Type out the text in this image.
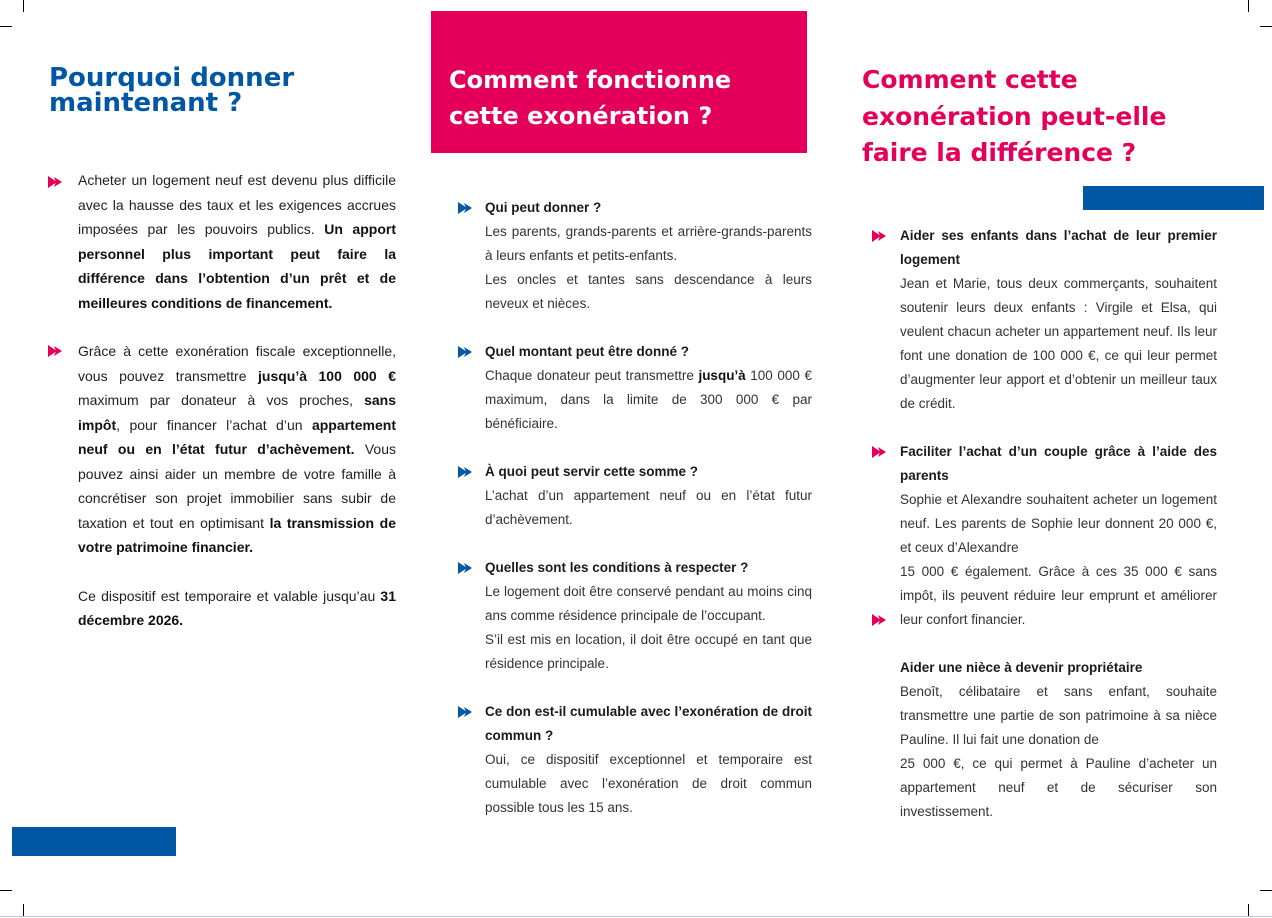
Pourquoi donner
maintenant ?

Acheter un logement neuf est devenu plus difficile avec la hausse des taux et les exigences accrues imposées par les pouvoirs publics. Un apport personnel plus important peut faire la différence dans l’obtention d’un prêt et de meilleures conditions de financement.

Grâce à cette exonération fiscale exceptionnelle, vous pouvez transmettre jusqu’à 100 000 € maximum par donateur à vos proches, sans impôt, pour financer l’achat d’un appartement neuf ou en l’état futur d’achèvement. Vous pouvez ainsi aider un membre de votre famille à concrétiser son projet immobilier sans subir de taxation et tout en optimisant la transmission de votre patrimoine financier.

Ce dispositif est temporaire et valable jusqu’au 31 décembre 2026.

Comment fonctionne
cette exonération ?
Qui peut donner ?
Les parents, grands-parents et arrière-grands-parents à leurs enfants et petits-enfants.
Les oncles et tantes sans descendance à leurs neveux et nièces.
Quel montant peut être donné ?
Chaque donateur peut transmettre jusqu’à 100 000 € maximum, dans la limite de 300 000 € par bénéficiaire.
À quoi peut servir cette somme ?
L’achat d’un appartement neuf ou en l’état futur d’achèvement.
Quelles sont les conditions à respecter ?
Le logement doit être conservé pendant au moins cinq ans comme résidence principale de l’occupant.
S’il est mis en location, il doit être occupé en tant que résidence principale.
Ce don est-il cumulable avec l’exonération de droit commun ?
Oui, ce dispositif exceptionnel et temporaire est cumulable avec l’exonération de droit commun possible tous les 15 ans.
Comment cette
exonération peut-elle
faire la différence ?
Aider ses enfants dans l’achat de leur premier logement
Jean et Marie, tous deux commerçants, souhaitent soutenir leurs deux enfants : Virgile et Elsa, qui veulent chacun acheter un appartement neuf. Ils leur font une donation de 100 000 €, ce qui leur permet d’augmenter leur apport et d’obtenir un meilleur taux de crédit.
Faciliter l’achat d’un couple grâce à l’aide des parents
Sophie et Alexandre souhaitent acheter un logement neuf. Les parents de Sophie leur donnent 20 000 €, et ceux d’Alexandre
15 000 € également. Grâce à ces 35 000 € sans impôt, ils peuvent réduire leur emprunt et améliorer leur confort financier.
Aider une nièce à devenir propriétaire
Benoît, célibataire et sans enfant, souhaite transmettre une partie de son patrimoine à sa nièce Pauline. Il lui fait une donation de
25 000 €, ce qui permet à Pauline d’acheter un appartement neuf et de sécuriser son investissement.
